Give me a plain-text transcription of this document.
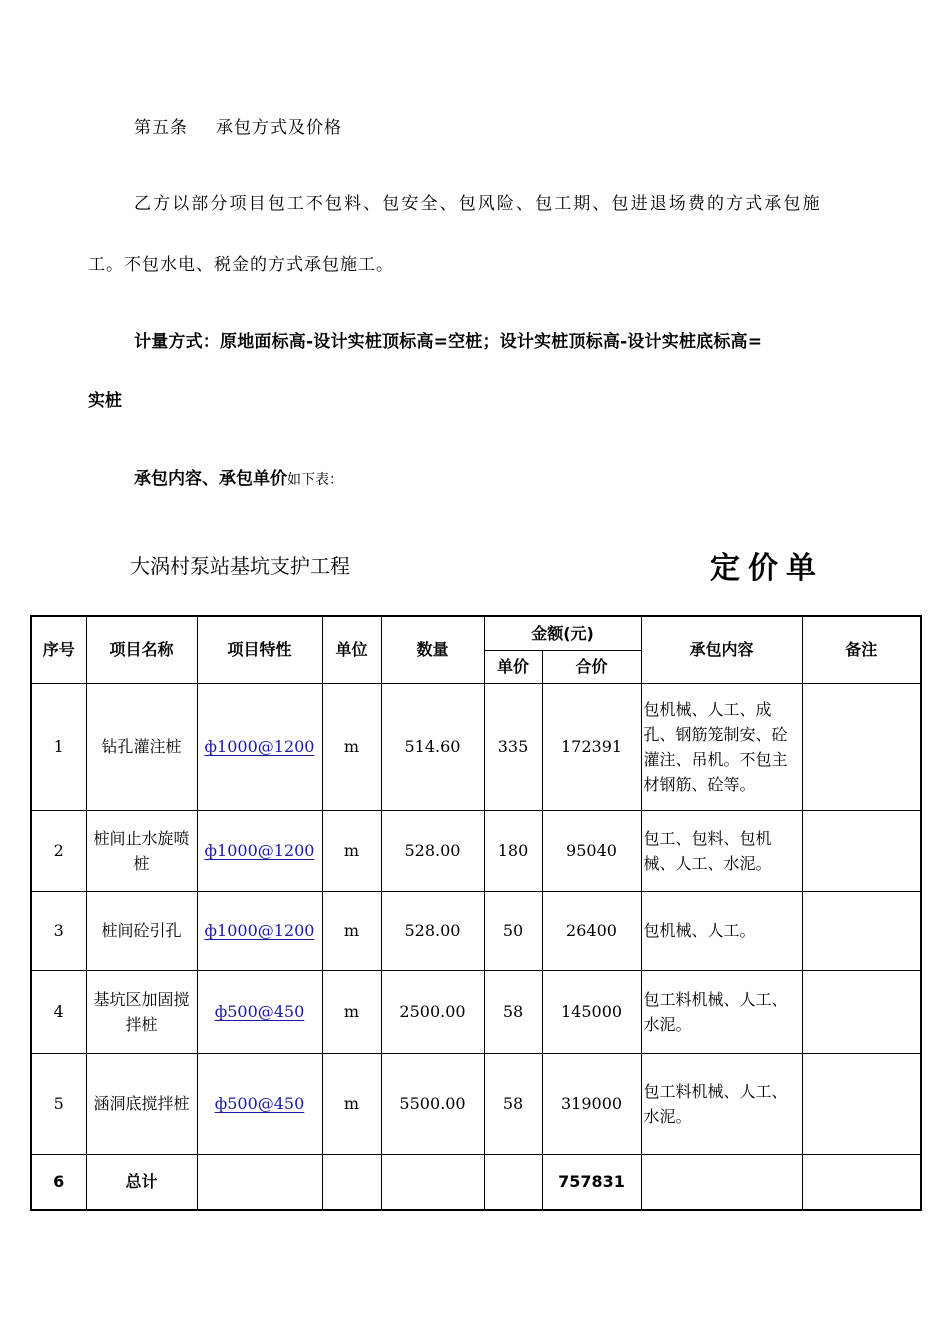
第五条 承包方式及价格
乙方以部分项目包工不包料、包安全、包风险、包工期、包进退场费的方式承包施
工。不包水电、税金的方式承包施工。
计量方式：原地面标高-设计实桩顶标高=空桩；设计实桩顶标高-设计实桩底标高=
实桩
承包内容、承包单价如下表：
大涡村泵站基坑支护工程	定价单
序号	项目名称	项目特性	单位	数量	金额(元)		承包内容	备注
					单价	合价		
1	钻孔灌注桩	ф1000@1200	m	514.60	335	172391	包机械、人工、成孔、钢筋笼制安、砼灌注、吊机。不包主材钢筋、砼等。	
2	桩间止水旋喷桩	ф1000@1200	m	528.00	180	95040	包工、包料、包机械、人工、水泥。	
3	桩间砼引孔	ф1000@1200	m	528.00	50	26400	包机械、人工。	
4	基坑区加固搅拌桩	ф500@450	m	2500.00	58	145000	包工料机械、人工、水泥。	
5	涵洞底搅拌桩	ф500@450	m	5500.00	58	319000	包工料机械、人工、水泥。	
6	总计					757831		
